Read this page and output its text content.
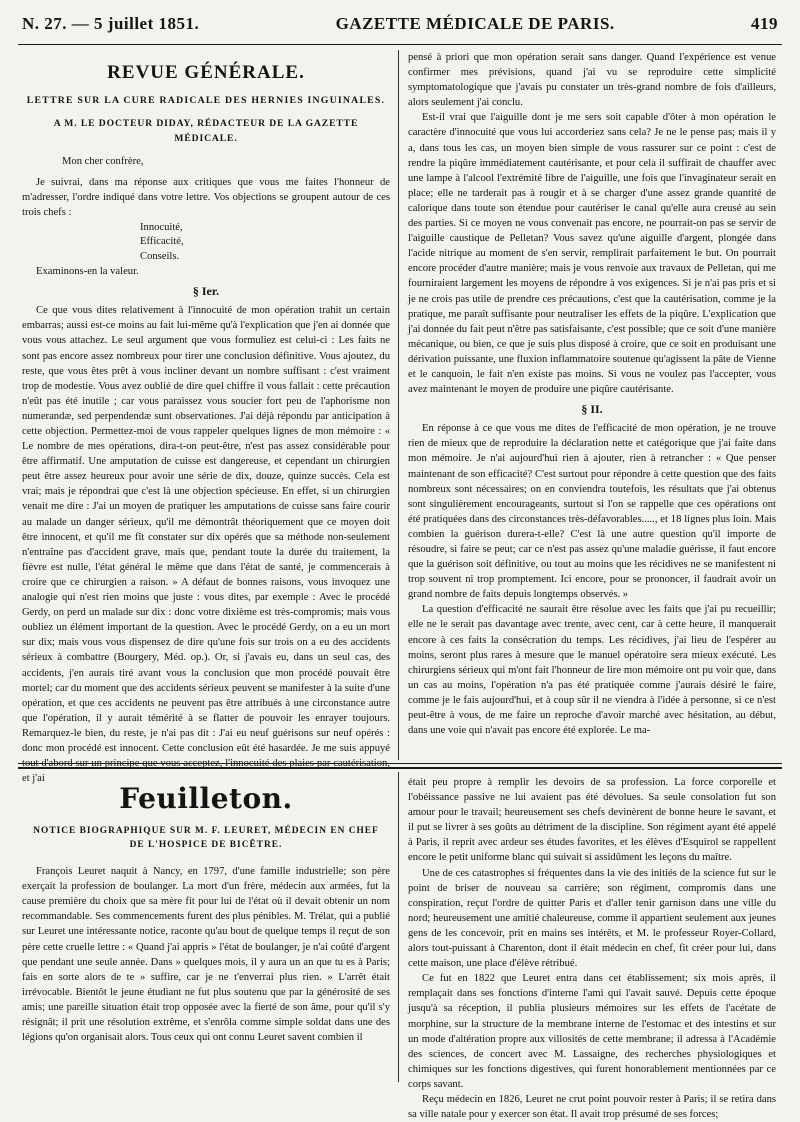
N. 27. — 5 juillet 1851.	GAZETTE MÉDICALE DE PARIS.	419
REVUE GÉNÉRALE.
LETTRE SUR LA CURE RADICALE DES HERNIES INGUINALES.
A M. LE DOCTEUR DIDAY, RÉDACTEUR DE LA GAZETTE MÉDICALE.

Mon cher confrère,

Je suivrai, dans ma réponse aux critiques que vous me faites l'honneur de m'adresser, l'ordre indiqué dans votre lettre. Vos objections se groupent autour de ces trois chefs :

Innocuité,
Efficacité,
Conseils.

Examinons-en la valeur.

§ Ier.

Ce que vous dites relativement à l'innocuité de mon opération trahit un certain embarras; aussi est-ce moins au fait lui-même qu'à l'explication que j'en ai donnée que vous vous attachez. Le seul argument que vous formuliez est celui-ci : Les faits ne sont pas encore assez nombreux pour tirer une conclusion définitive. Vous ajoutez, du reste, que vous êtes prêt à vous incliner devant un nombre suffisant : c'est vraiment trop de modestie. Vous avez oublié de dire quel chiffre il vous fallait : cette précaution n'eût pas été inutile ; car vous paraissez vous soucier fort peu de l'aphorisme non numerandæ, sed perpendendæ sunt observationes. J'ai déjà répondu par anticipation à cette objection. Permettez-moi de vous rappeler quelques lignes de mon mémoire : « Le nombre de mes opérations, dira-t-on peut-être, n'est pas assez considérable pour être affirmatif. Une amputation de cuisse est dangereuse, et cependant un chirurgien peut être assez heureux pour avoir une série de dix, douze, quinze succès. Cela est vrai; mais je répondrai que c'est là une objection spécieuse. En effet, si un chirurgien venait me dire : J'ai un moyen de pratiquer les amputations de cuisse sans faire courir au malade un danger sérieux, qu'il me démontrât théoriquement que ce moyen doit être innocent, et qu'il me fît constater sur dix opérés que sa méthode non-seulement n'entraîne pas d'accident grave, mais que, pendant toute la durée du traitement, la fièvre est nulle, l'état général le même que dans l'état de santé, je commencerais à croire que ce chirurgien a raison. » A défaut de bonnes raisons, vous invoquez une analogie qui n'est rien moins que juste : vous dites, par exemple : Avec le procédé Gerdy, on perd un malade sur dix : donc votre dixième est très-compromis; mais vous oubliez un élément important de la question. Avec le procédé Gerdy, on a eu un mort sur dix; mais vous vous dispensez de dire qu'une fois sur trois on a eu des accidents sérieux à combattre (Bourgery, Méd. op.). Or, si j'avais eu, dans un seul cas, des accidents, j'en aurais tiré avant vous la conclusion que mon procédé pouvait être mortel; car du moment que des accidents sérieux peuvent se manifester à la suite d'une opération, et que ces accidents ne peuvent pas être attribués à une circonstance autre que l'opération, il y aurait témérité à se flatter de pouvoir les enrayer toujours. Remarquez-le bien, du reste, je n'ai pas dit : J'ai eu neuf guérisons sur neuf opérés : donc mon procédé est innocent. Cette conclusion eût été hasardée. Je me suis appuyé tout d'abord sur un principe que vous acceptez, l'innocuité des plaies par cautérisation, et j'ai

pensé à priori que mon opération serait sans danger. Quand l'expérience est venue confirmer mes prévisions, quand j'ai vu se reproduire cette simplicité symptomatologique que j'avais pu constater un très-grand nombre de fois d'ailleurs, alors seulement j'ai conclu.

Est-il vrai que l'aiguille dont je me sers soit capable d'ôter à mon opération le caractère d'innocuité que vous lui accorderiez sans cela? Je ne le pense pas; mais il y a, dans tous les cas, un moyen bien simple de vous rassurer sur ce point : c'est de rendre la piqûre immédiatement cautérisante, et pour cela il suffirait de chauffer avec une lampe à l'alcool l'extrémité libre de l'aiguille, une fois que l'invaginateur serait en place; elle ne tarderait pas à rougir et à se charger d'une assez grande quantité de calorique dans toute son étendue pour cautériser le canal qu'elle aura creusé au sein des parties. Si ce moyen ne vous convenait pas encore, ne pourrait-on pas se servir de l'aiguille caustique de Pelletan? Vous savez qu'une aiguille d'argent, plongée dans l'acide nitrique au moment de s'en servir, remplirait parfaitement le but. On pourrait encore procéder d'autre manière; mais je vous renvoie aux travaux de Pelletan, qui me fourniraient largement les moyens de répondre à vos exigences. Si je n'ai pas pris et si je ne crois pas utile de prendre ces précautions, c'est que la cautérisation, comme je la pratique, me paraît suffisante pour neutraliser les effets de la piqûre. L'explication que j'ai donnée du fait peut n'être pas satisfaisante, c'est possible; que ce soit d'une manière mécanique, ou bien, ce que je suis plus disposé à croire, que ce soit en produisant une dérivation puissante, une fluxion inflammatoire soutenue qu'agissent la pâte de Vienne et le canquoin, le fait n'en existe pas moins. Si vous ne voulez pas l'accepter, vous avez maintenant le moyen de produire une piqûre cautérisante.

§ II.

En réponse à ce que vous me dites de l'efficacité de mon opération, je ne trouve rien de mieux que de reproduire la déclaration nette et catégorique que j'ai faite dans mon mémoire. Je n'ai aujourd'hui rien à ajouter, rien à retrancher : « Que penser maintenant de son efficacité? C'est surtout pour répondre à cette question que des faits nombreux sont nécessaires; on en conviendra toutefois, les résultats que j'ai obtenus sont singulièrement encourageants, surtout si l'on se rappelle que ces opérations ont été pratiquées dans des circonstances très-défavorables....., et 18 lignes plus loin. Mais combien la guérison durera-t-elle? C'est là une autre question qu'il importe de résoudre, si faire se peut; car ce n'est pas assez qu'une maladie guérisse, il faut encore que la guérison soit définitive, ou tout au moins que les récidives ne se manifestent ni trop souvent ni trop promptement. Ici encore, pour se prononcer, il faudrait avoir un grand nombre de faits depuis longtemps observés. »

La question d'efficacité ne saurait être résolue avec les faits que j'ai pu recueillir; elle ne le serait pas davantage avec trente, avec cent, car à cette heure, il manquerait encore à ces faits la consécration du temps. Les récidives, j'ai lieu de l'espérer au moins, seront plus rares à mesure que le manuel opératoire sera mieux exécuté. Les chirurgiens sérieux qui m'ont fait l'honneur de lire mon mémoire ont pu voir que, dans un cas au moins, l'opération n'a pas été pratiquée comme j'aurais désiré le faire, comme je le fais aujourd'hui, et à coup sûr il ne viendra à l'idée à personne, si ce n'est peut-être à vous, de me faire un reproche d'avoir marché avec hésitation, au début, dans une voie qui n'avait pas encore été explorée. Le ma-

Feuilleton.
NOTICE BIOGRAPHIQUE SUR M. F. LEURET, MÉDECIN EN CHEF DE L'HOSPICE DE BICÊTRE.

François Leuret naquit à Nancy, en 1797, d'une famille industrielle; son père exerçait la profession de boulanger. La mort d'un frère, médecin aux armées, fut la cause première du choix que sa mère fit pour lui de l'état où il devait obtenir un nom recommandable. Ses commencements furent des plus pénibles. M. Trélat, qui a publié sur Leuret une intéressante notice, raconte qu'au bout de quelque temps il reçut de son père cette cruelle lettre : « Quand j'ai appris » l'état de boulanger, je n'ai coûté d'argent que pendant une seule année. Dans » quelques mois, il y aura un an que tu es à Paris; fais en sorte alors de te » suffire, car je ne t'enverrai plus rien. » L'arrêt était irrévocable. Bientôt le jeune étudiant ne fut plus soutenu que par la générosité de ses amis; une pareille situation était trop opposée avec la fierté de son âme, pour qu'il s'y résignât; il prit une résolution extrême, et s'enrôla comme simple soldat dans une des légions qu'on organisait alors. Tous ceux qui ont connu Leuret savent combien il

était peu propre à remplir les devoirs de sa profession. La force corporelle et l'obéissance passive ne lui avaient pas été dévolues. Sa seule consolation fut son amour pour le travail; heureusement ses chefs devinèrent de bonne heure le savant, et il put se livrer à ses goûts au détriment de la discipline. Son régiment ayant été appelé à Paris, il reprit avec ardeur ses études favorites, et les élèves d'Esquirol se rappellent encore le petit uniforme blanc qui suivait si assidûment les leçons du maître.

Une de ces catastrophes si fréquentes dans la vie des initiés de la science fut sur le point de briser de nouveau sa carrière; son régiment, compromis dans une conspiration, reçut l'ordre de quitter Paris et d'aller tenir garnison dans une ville du nord; heureusement une amitié chaleureuse, comme il appartient seulement aux jeunes gens de les concevoir, prit en mains ses intérêts, et M. le professeur Royer-Collard, alors tout-puissant à Charenton, dont il était médecin en chef, fit créer pour lui, dans cette maison, une place d'élève rétribué.

Ce fut en 1822 que Leuret entra dans cet établissement; six mois après, il remplaçait dans ses fonctions d'interne l'ami qui l'avait sauvé. Depuis cette époque jusqu'à sa réception, il publia plusieurs mémoires sur les effets de l'acétate de morphine, sur la structure de la membrane interne de l'estomac et des intestins et sur un mode d'altération propre aux villosités de cette membrane; il adressa à l'Académie des sciences, de concert avec M. Lassaigne, des recherches physiologiques et chimiques sur les fonctions digestives, qui furent honorablement mentionnées par ce corps savant.

Reçu médecin en 1826, Leuret ne crut point pouvoir rester à Paris; il se retira dans sa ville natale pour y exercer son état. Il avait trop présumé de ses forces;
